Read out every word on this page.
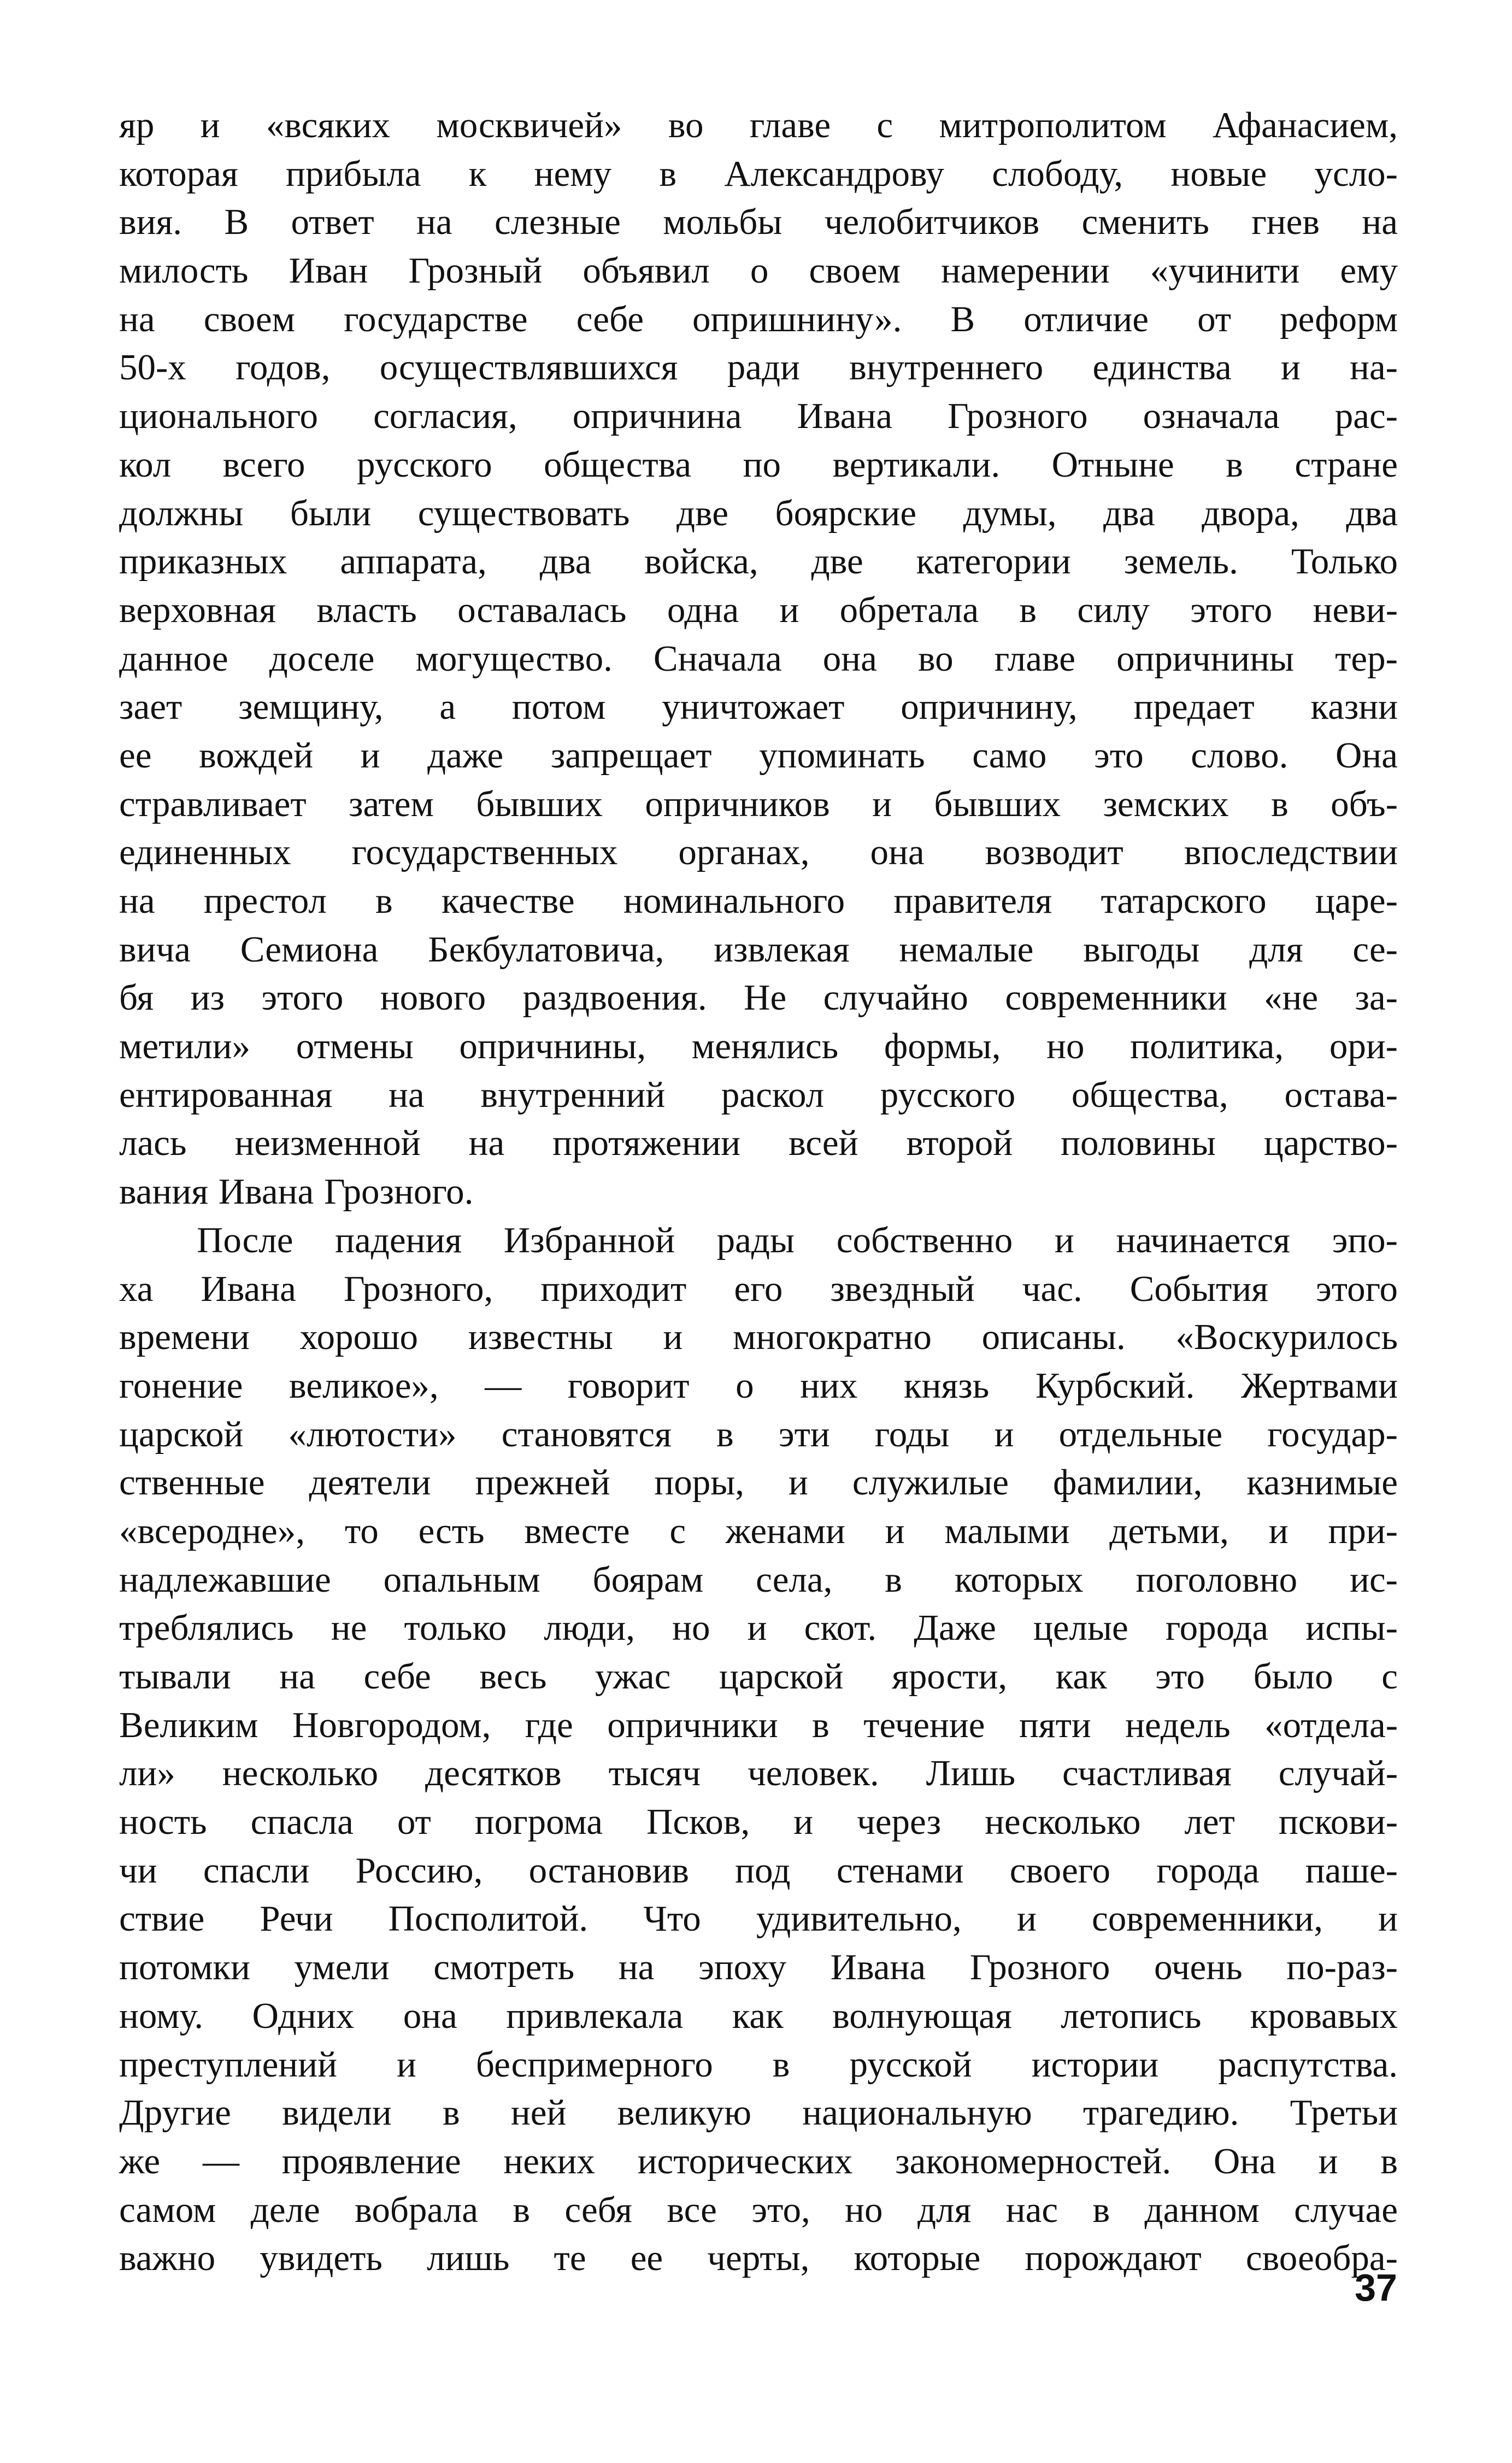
яр и «всяких москвичей» во главе с митрополитом Афанасием,
которая прибыла к нему в Александрову слободу, новые усло-
вия. В ответ на слезные мольбы челобитчиков сменить гнев на
милость Иван Грозный объявил о своем намерении «учинити ему
на своем государстве себе опришнину». В отличие от реформ
50-х годов, осуществлявшихся ради внутреннего единства и на-
ционального согласия, опричнина Ивана Грозного означала рас-
кол всего русского общества по вертикали. Отныне в стране
должны были существовать две боярские думы, два двора, два
приказных аппарата, два войска, две категории земель. Только
верховная власть оставалась одна и обретала в силу этого неви-
данное доселе могущество. Сначала она во главе опричнины тер-
зает земщину, а потом уничтожает опричнину, предает казни
ее вождей и даже запрещает упоминать само это слово. Она
стравливает затем бывших опричников и бывших земских в объ-
единенных государственных органах, она возводит впоследствии
на престол в качестве номинального правителя татарского царе-
вича Семиона Бекбулатовича, извлекая немалые выгоды для се-
бя из этого нового раздвоения. Не случайно современники «не за-
метили» отмены опричнины, менялись формы, но политика, ори-
ентированная на внутренний раскол русского общества, остава-
лась неизменной на протяжении всей второй половины царство-
вания Ивана Грозного.
После падения Избранной рады собственно и начинается эпо-
ха Ивана Грозного, приходит его звездный час. События этого
времени хорошо известны и многократно описаны. «Воскурилось
гонение великое», — говорит о них князь Курбский. Жертвами
царской «лютости» становятся в эти годы и отдельные государ-
ственные деятели прежней поры, и служилые фамилии, казнимые
«всеродне», то есть вместе с женами и малыми детьми, и при-
надлежавшие опальным боярам села, в которых поголовно ис-
треблялись не только люди, но и скот. Даже целые города испы-
тывали на себе весь ужас царской ярости, как это было с
Великим Новгородом, где опричники в течение пяти недель «отдела-
ли» несколько десятков тысяч человек. Лишь счастливая случай-
ность спасла от погрома Псков, и через несколько лет пскови-
чи спасли Россию, остановив под стенами своего города паше-
ствие Речи Посполитой. Что удивительно, и современники, и
потомки умели смотреть на эпоху Ивана Грозного очень по-раз-
ному. Одних она привлекала как волнующая летопись кровавых
преступлений и беспримерного в русской истории распутства.
Другие видели в ней великую национальную трагедию. Третьи
же — проявление неких исторических закономерностей. Она и в
самом деле вобрала в себя все это, но для нас в данном случае
важно увидеть лишь те ее черты, которые порождают своеобра-
37
